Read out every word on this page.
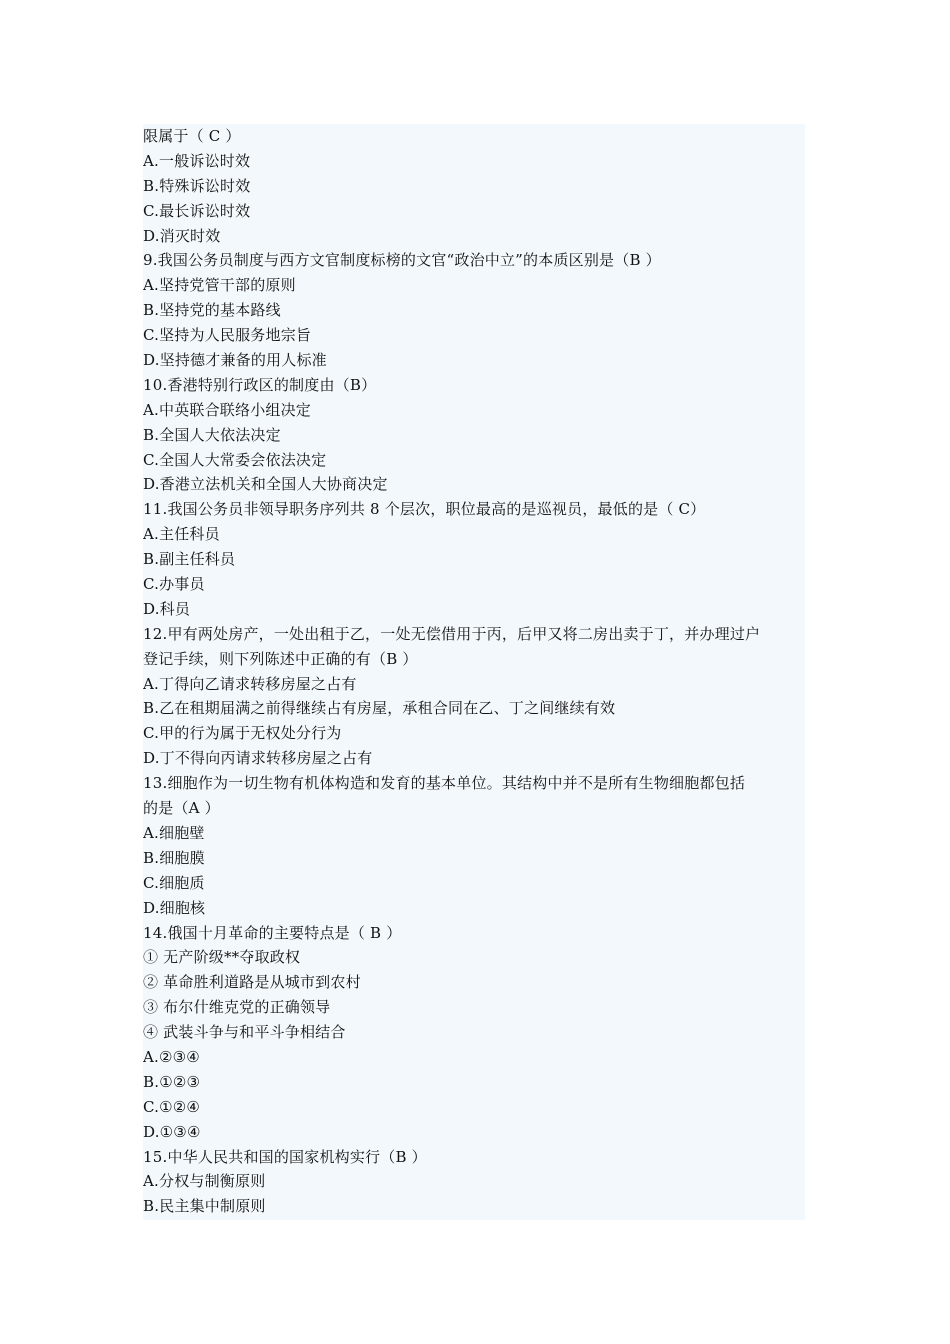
限属于（ C ）
A.一般诉讼时效
B.特殊诉讼时效
C.最长诉讼时效
D.消灭时效
9.我国公务员制度与西方文官制度标榜的文官“政治中立”的本质区别是（B ）
A.坚持党管干部的原则
B.坚持党的基本路线
C.坚持为人民服务地宗旨
D.坚持德才兼备的用人标准
10.香港特别行政区的制度由（B）
A.中英联合联络小组决定
B.全国人大依法决定
C.全国人大常委会依法决定
D.香港立法机关和全国人大协商决定
11.我国公务员非领导职务序列共 8 个层次，职位最高的是巡视员，最低的是（ C）
A.主任科员
B.副主任科员
C.办事员
D.科员
12.甲有两处房产，一处出租于乙，一处无偿借用于丙，后甲又将二房出卖于丁，并办理过户
登记手续，则下列陈述中正确的有（B ）
A.丁得向乙请求转移房屋之占有
B.乙在租期届满之前得继续占有房屋，承租合同在乙、丁之间继续有效
C.甲的行为属于无权处分行为
D.丁不得向丙请求转移房屋之占有
13.细胞作为一切生物有机体构造和发育的基本单位。其结构中并不是所有生物细胞都包括
的是（A ）
A.细胞壁
B.细胞膜
C.细胞质
D.细胞核
14.俄国十月革命的主要特点是（ B ）
① 无产阶级**夺取政权
② 革命胜利道路是从城市到农村
③ 布尔什维克党的正确领导
④ 武装斗争与和平斗争相结合
A.②③④
B.①②③
C.①②④
D.①③④
15.中华人民共和国的国家机构实行（B ）
A.分权与制衡原则
B.民主集中制原则
